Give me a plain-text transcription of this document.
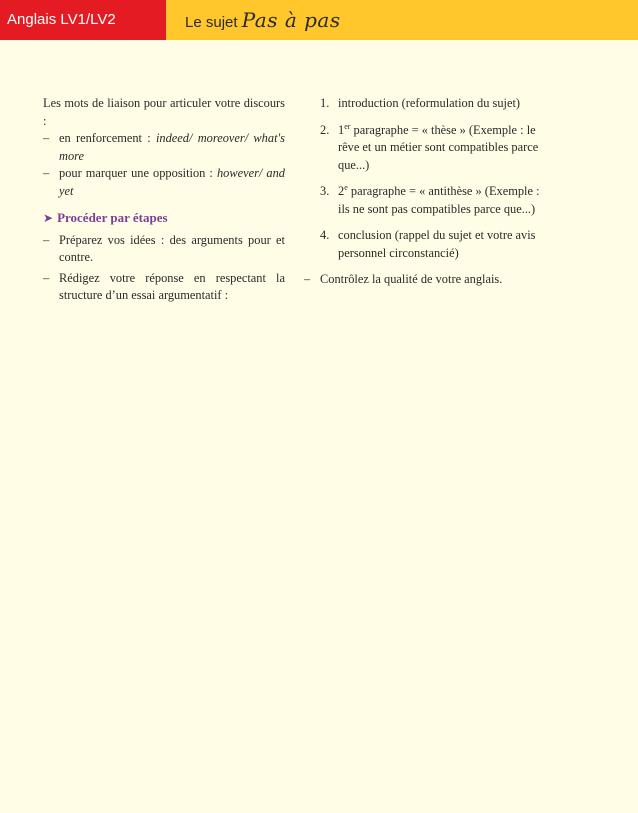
Anglais LV1/LV2	Le sujet Pas à pas
Les mots de liaison pour articuler votre discours :
– en renforcement : indeed/ moreover/ what's more
– pour marquer une opposition : however/ and yet
➤ Procéder par étapes
– Préparez vos idées : des arguments pour et contre.
– Rédigez votre réponse en respectant la structure d’un essai argumentatif :
1. introduction (reformulation du sujet)
2. 1er paragraphe = « thèse » (Exemple : le rêve et un métier sont compatibles parce que...)
3. 2e paragraphe = « antithèse » (Exemple : ils ne sont pas compatibles parce que...)
4. conclusion (rappel du sujet et votre avis personnel circonstancié)
– Contrôlez la qualité de votre anglais.
